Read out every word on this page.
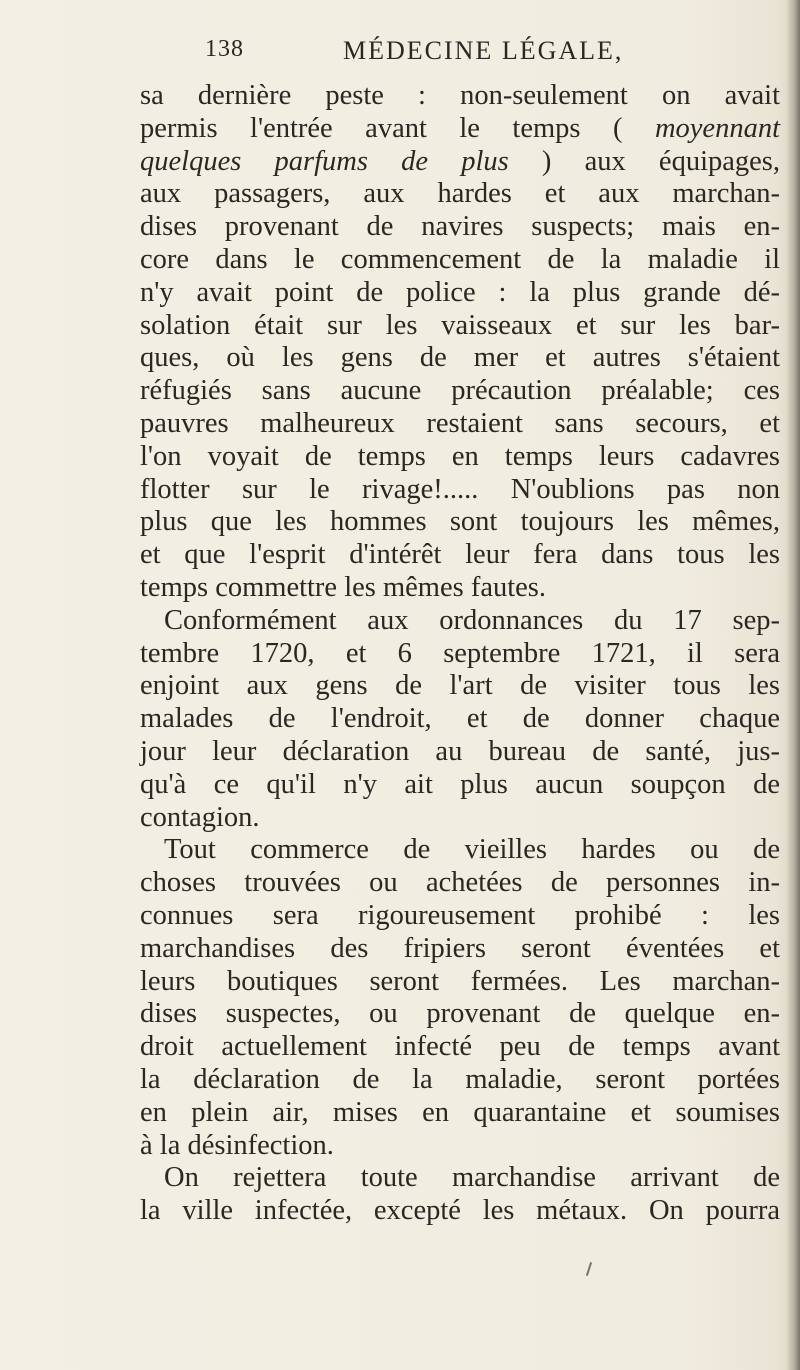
138	MÉDECINE LÉGALE,
sa dernière peste : non-seulement on avait
permis l'entrée avant le temps ( moyennant
quelques parfums de plus ) aux équipages,
aux passagers, aux hardes et aux marchan-
dises provenant de navires suspects; mais en-
core dans le commencement de la maladie il
n'y avait point de police : la plus grande dé-
solation était sur les vaisseaux et sur les bar-
ques, où les gens de mer et autres s'étaient
réfugiés sans aucune précaution préalable; ces
pauvres malheureux restaient sans secours, et
l'on voyait de temps en temps leurs cadavres
flotter sur le rivage!..... N'oublions pas non
plus que les hommes sont toujours les mêmes,
et que l'esprit d'intérêt leur fera dans tous les
temps commettre les mêmes fautes.
Conformément aux ordonnances du 17 sep-
tembre 1720, et 6 septembre 1721, il sera
enjoint aux gens de l'art de visiter tous les
malades de l'endroit, et de donner chaque
jour leur déclaration au bureau de santé, jus-
qu'à ce qu'il n'y ait plus aucun soupçon de
contagion.
Tout commerce de vieilles hardes ou de
choses trouvées ou achetées de personnes in-
connues sera rigoureusement prohibé : les
marchandises des fripiers seront éventées et
leurs boutiques seront fermées. Les marchan-
dises suspectes, ou provenant de quelque en-
droit actuellement infecté peu de temps avant
la déclaration de la maladie, seront portées
en plein air, mises en quarantaine et soumises
à la désinfection.
On rejettera toute marchandise arrivant de
la ville infectée, excepté les métaux. On pourra
